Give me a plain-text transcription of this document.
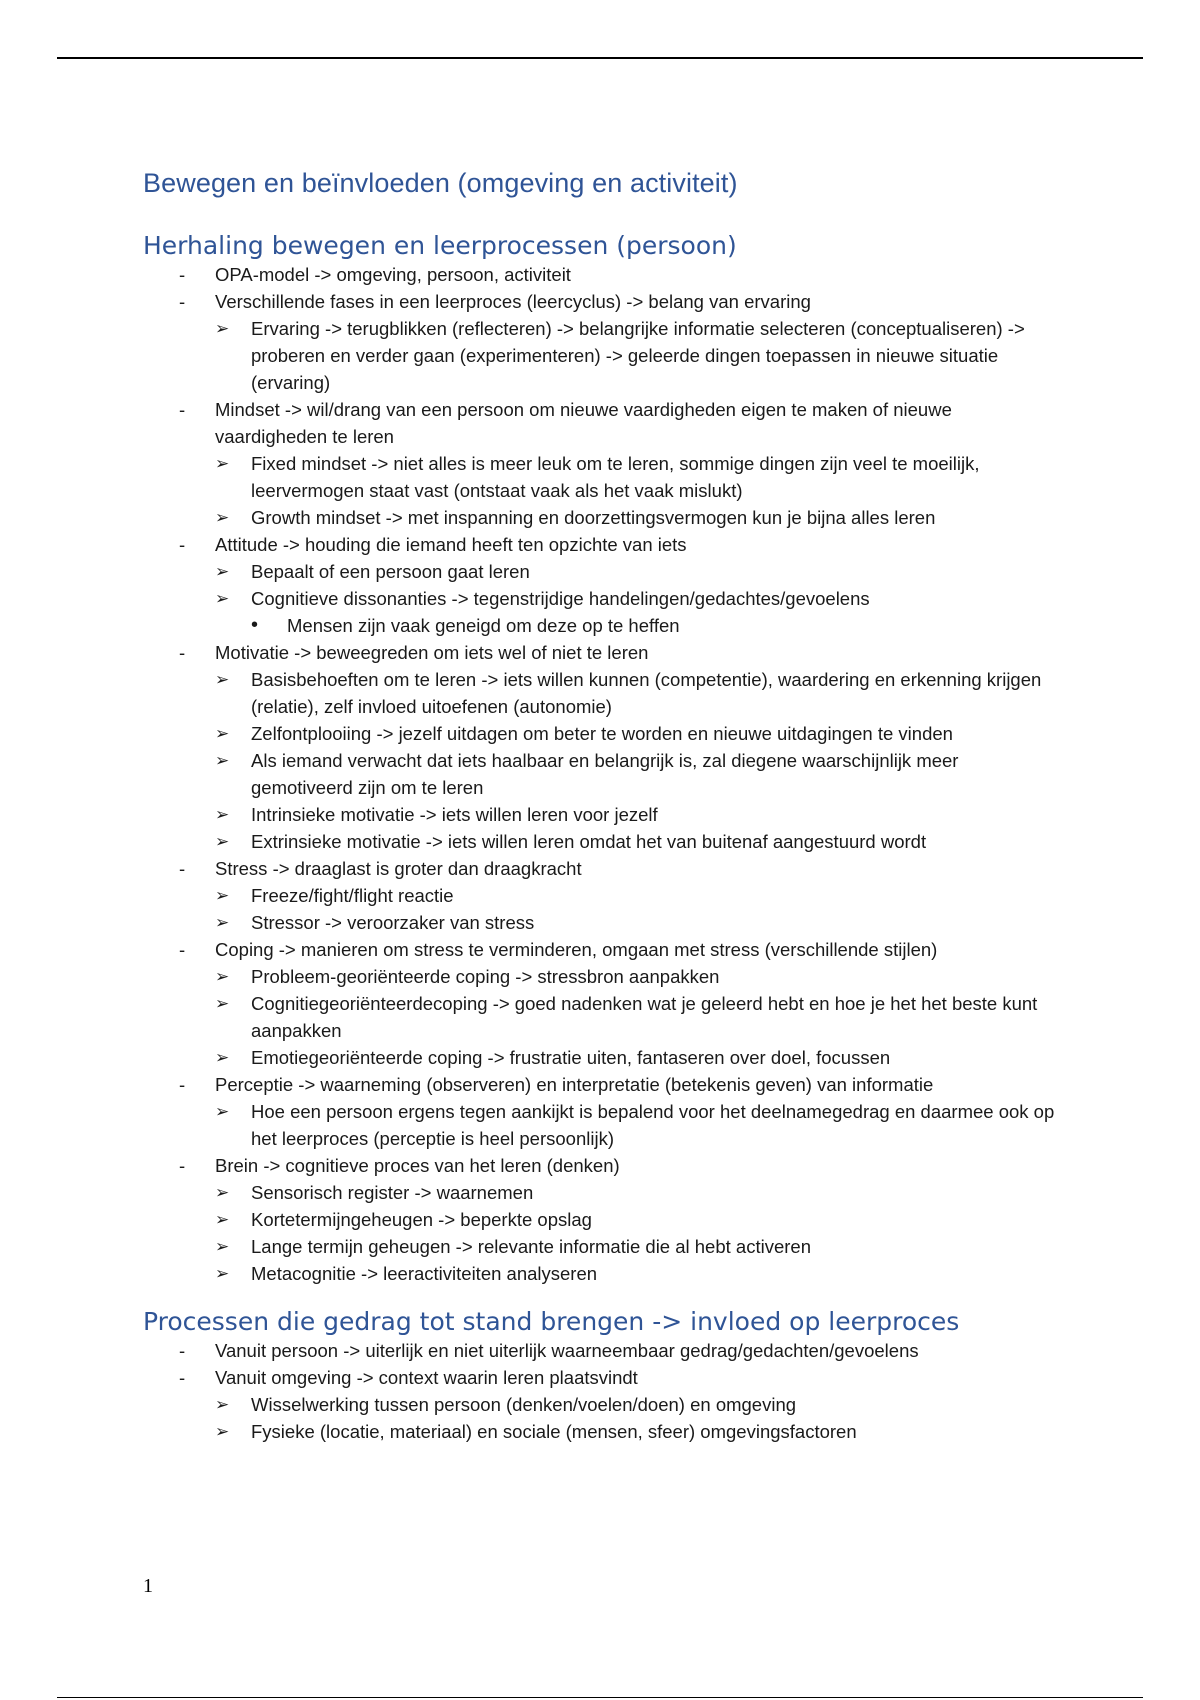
Bewegen en beïnvloeden (omgeving en activiteit)
Herhaling bewegen en leerprocessen (persoon)
-	OPA-model -> omgeving, persoon, activiteit
-	Verschillende fases in een leerproces (leercyclus) -> belang van ervaring
➢	Ervaring -> terugblikken (reflecteren) -> belangrijke informatie selecteren (conceptualiseren) -> proberen en verder gaan (experimenteren) -> geleerde dingen toepassen in nieuwe situatie (ervaring)
-	Mindset -> wil/drang van een persoon om nieuwe vaardigheden eigen te maken of nieuwe vaardigheden te leren
➢	Fixed mindset -> niet alles is meer leuk om te leren, sommige dingen zijn veel te moeilijk, leervermogen staat vast (ontstaat vaak als het vaak mislukt)
➢	Growth mindset -> met inspanning en doorzettingsvermogen kun je bijna alles leren
-	Attitude -> houding die iemand heeft ten opzichte van iets
➢	Bepaalt of een persoon gaat leren
➢	Cognitieve dissonanties -> tegenstrijdige handelingen/gedachtes/gevoelens
•	Mensen zijn vaak geneigd om deze op te heffen
-	Motivatie -> beweegreden om iets wel of niet te leren
➢	Basisbehoeften om te leren -> iets willen kunnen (competentie), waardering en erkenning krijgen (relatie), zelf invloed uitoefenen (autonomie)
➢	Zelfontplooiing -> jezelf uitdagen om beter te worden en nieuwe uitdagingen te vinden
➢	Als iemand verwacht dat iets haalbaar en belangrijk is, zal diegene waarschijnlijk meer gemotiveerd zijn om te leren
➢	Intrinsieke motivatie -> iets willen leren voor jezelf
➢	Extrinsieke motivatie -> iets willen leren omdat het van buitenaf aangestuurd wordt
-	Stress -> draaglast is groter dan draagkracht
➢	Freeze/fight/flight reactie
➢	Stressor -> veroorzaker van stress
-	Coping -> manieren om stress te verminderen, omgaan met stress (verschillende stijlen)
➢	Probleem-georiënteerde coping -> stressbron aanpakken
➢	Cognitiegeoriënteerdecoping -> goed nadenken wat je geleerd hebt en hoe je het het beste kunt aanpakken
➢	Emotiegeoriënteerde coping -> frustratie uiten, fantaseren over doel, focussen
-	Perceptie -> waarneming (observeren) en interpretatie (betekenis geven) van informatie
➢	Hoe een persoon ergens tegen aankijkt is bepalend voor het deelnamegedrag en daarmee ook op het leerproces (perceptie is heel persoonlijk)
-	Brein -> cognitieve proces van het leren (denken)
➢	Sensorisch register -> waarnemen
➢	Kortetermijngeheugen -> beperkte opslag
➢	Lange termijn geheugen -> relevante informatie die al hebt activeren
➢	Metacognitie -> leeractiviteiten analyseren
Processen die gedrag tot stand brengen -> invloed op leerproces
-	Vanuit persoon -> uiterlijk en niet uiterlijk waarneembaar gedrag/gedachten/gevoelens
-	Vanuit omgeving -> context waarin leren plaatsvindt
➢	Wisselwerking tussen persoon (denken/voelen/doen) en omgeving
➢	Fysieke (locatie, materiaal) en sociale (mensen, sfeer) omgevingsfactoren
1
